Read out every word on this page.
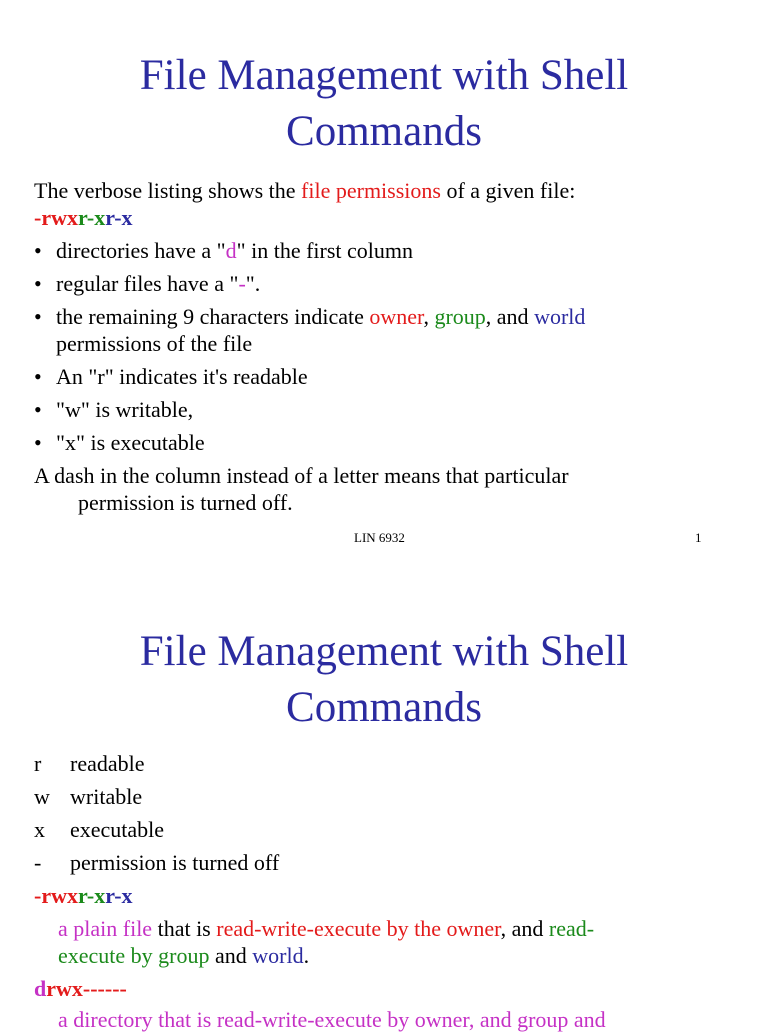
File Management with Shell
Commands
The verbose listing shows the file permissions of a given file:
-rwxr-xr-x
• directories have a "d" in the first column
• regular files have a "-".
• the remaining 9 characters indicate owner, group, and world
permissions of the file
• An "r" indicates it's readable
• "w" is writable,
• "x" is executable
A dash in the column instead of a letter means that particular
permission is turned off.
LIN 6932	1
File Management with Shell
Commands
r	readable
w writable
x	executable
-	permission is turned off
-rwxr-xr-x
a plain file that is read-write-execute by the owner, and read-
execute by group and world.
drwx------
a directory that is read-write-execute by owner, and group and
